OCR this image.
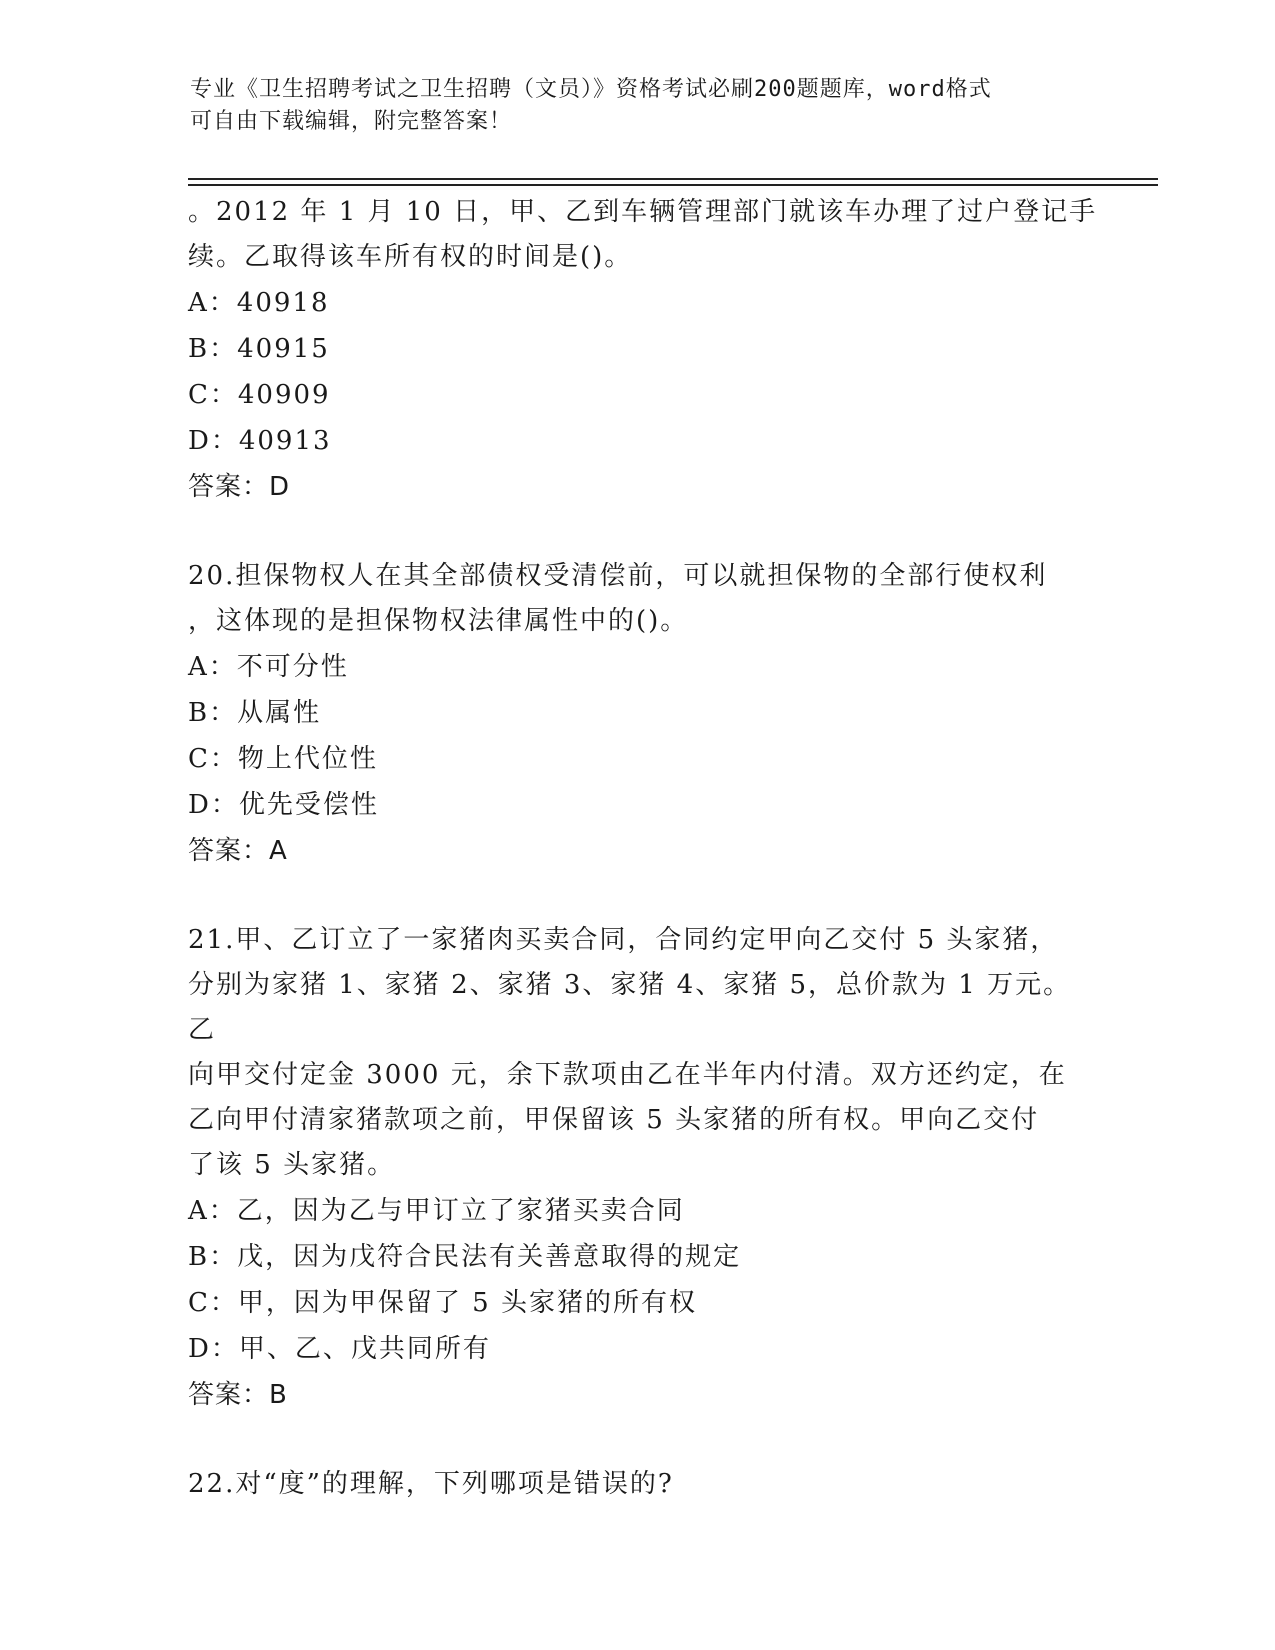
专业《卫生招聘考试之卫生招聘（文员）》资格考试必刷200题题库，word格式
可自由下载编辑，附完整答案！

。2012 年 1 月 10 日，甲、乙到车辆管理部门就该车办理了过户登记手

续。乙取得该车所有权的时间是()。

A：40918

B：40915

C：40909

D：40913

答案：D

20.担保物权人在其全部债权受清偿前，可以就担保物的全部行使权利

，这体现的是担保物权法律属性中的()。

A：不可分性

B：从属性

C：物上代位性

D：优先受偿性

答案：A

21.甲、乙订立了一家猪肉买卖合同，合同约定甲向乙交付 5 头家猪，

分别为家猪 1、家猪 2、家猪 3、家猪 4、家猪 5，总价款为 1 万元。乙

向甲交付定金 3000 元，余下款项由乙在半年内付清。双方还约定，在

乙向甲付清家猪款项之前，甲保留该 5 头家猪的所有权。甲向乙交付

了该 5 头家猪。

A：乙，因为乙与甲订立了家猪买卖合同

B：戊，因为戊符合民法有关善意取得的规定

C：甲，因为甲保留了 5 头家猪的所有权

D：甲、乙、戊共同所有

答案：B

22.对“度”的理解，下列哪项是错误的?
